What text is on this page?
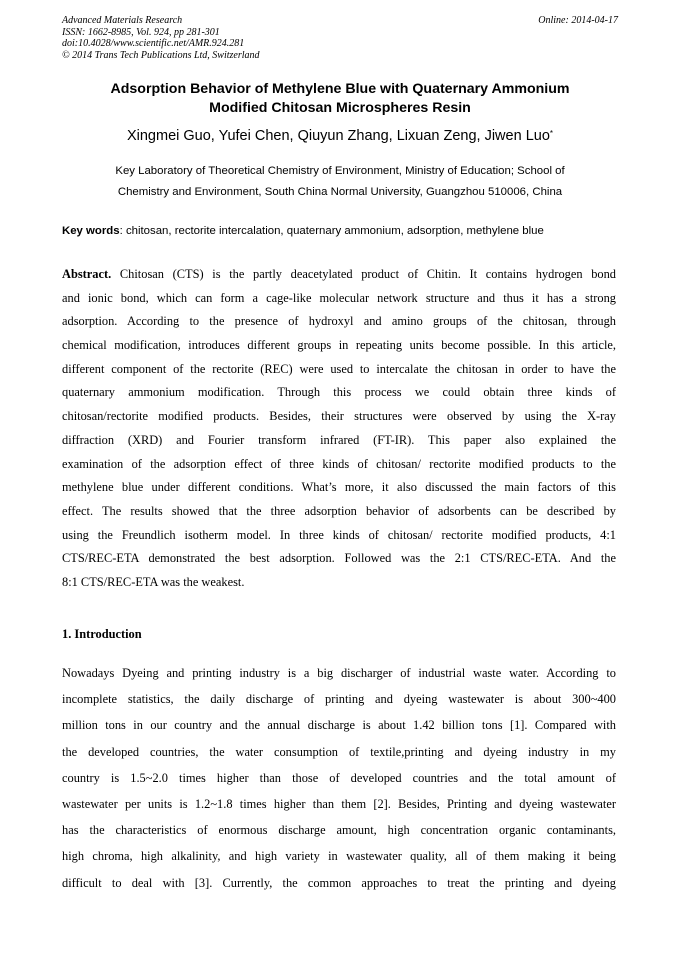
Advanced Materials Research
ISSN: 1662-8985, Vol. 924, pp 281-301
doi:10.4028/www.scientific.net/AMR.924.281
© 2014 Trans Tech Publications Ltd, Switzerland
Online: 2014-04-17
Adsorption Behavior of Methylene Blue with Quaternary Ammonium
Modified Chitosan Microspheres Resin
Xingmei Guo, Yufei Chen, Qiuyun Zhang, Lixuan Zeng, Jiwen Luo*
Key Laboratory of Theoretical Chemistry of Environment, Ministry of Education; School of
Chemistry and Environment, South China Normal University, Guangzhou 510006, China
Key words: chitosan, rectorite intercalation, quaternary ammonium, adsorption, methylene blue
Abstract. Chitosan (CTS) is the partly deacetylated product of Chitin. It contains hydrogen bond
and ionic bond, which can form a cage-like molecular network structure and thus it has a strong
adsorption. According to the presence of hydroxyl and amino groups of the chitosan, through
chemical modification, introduces different groups in repeating units become possible. In this article,
different component of the rectorite (REC) were used to intercalate the chitosan in order to have the
quaternary ammonium modification. Through this process we could obtain three kinds of
chitosan/rectorite modified products. Besides, their structures were observed by using the X-ray
diffraction (XRD) and Fourier transform infrared (FT-IR). This paper also explained the
examination of the adsorption effect of three kinds of chitosan/ rectorite modified products to the
methylene blue under different conditions. What’s more, it also discussed the main factors of this
effect. The results showed that the three adsorption behavior of adsorbents can be described by
using the Freundlich isotherm model. In three kinds of chitosan/ rectorite modified products, 4:1
CTS/REC-ETA demonstrated the best adsorption. Followed was the 2:1 CTS/REC-ETA. And the
8:1 CTS/REC-ETA was the weakest.
1. Introduction
Nowadays Dyeing and printing industry is a big discharger of industrial waste water. According to
incomplete statistics, the daily discharge of printing and dyeing wastewater is about 300~400
million tons in our country and the annual discharge is about 1.42 billion tons [1]. Compared with
the developed countries, the water consumption of textile,printing and dyeing industry in my
country is 1.5~2.0 times higher than those of developed countries and the total amount of
wastewater per units is 1.2~1.8 times higher than them [2]. Besides, Printing and dyeing wastewater
has the characteristics of enormous discharge amount, high concentration organic contaminants,
high chroma, high alkalinity, and high variety in wastewater quality, all of them making it being
difficult to deal with [3]. Currently, the common approaches to treat the printing and dyeing
